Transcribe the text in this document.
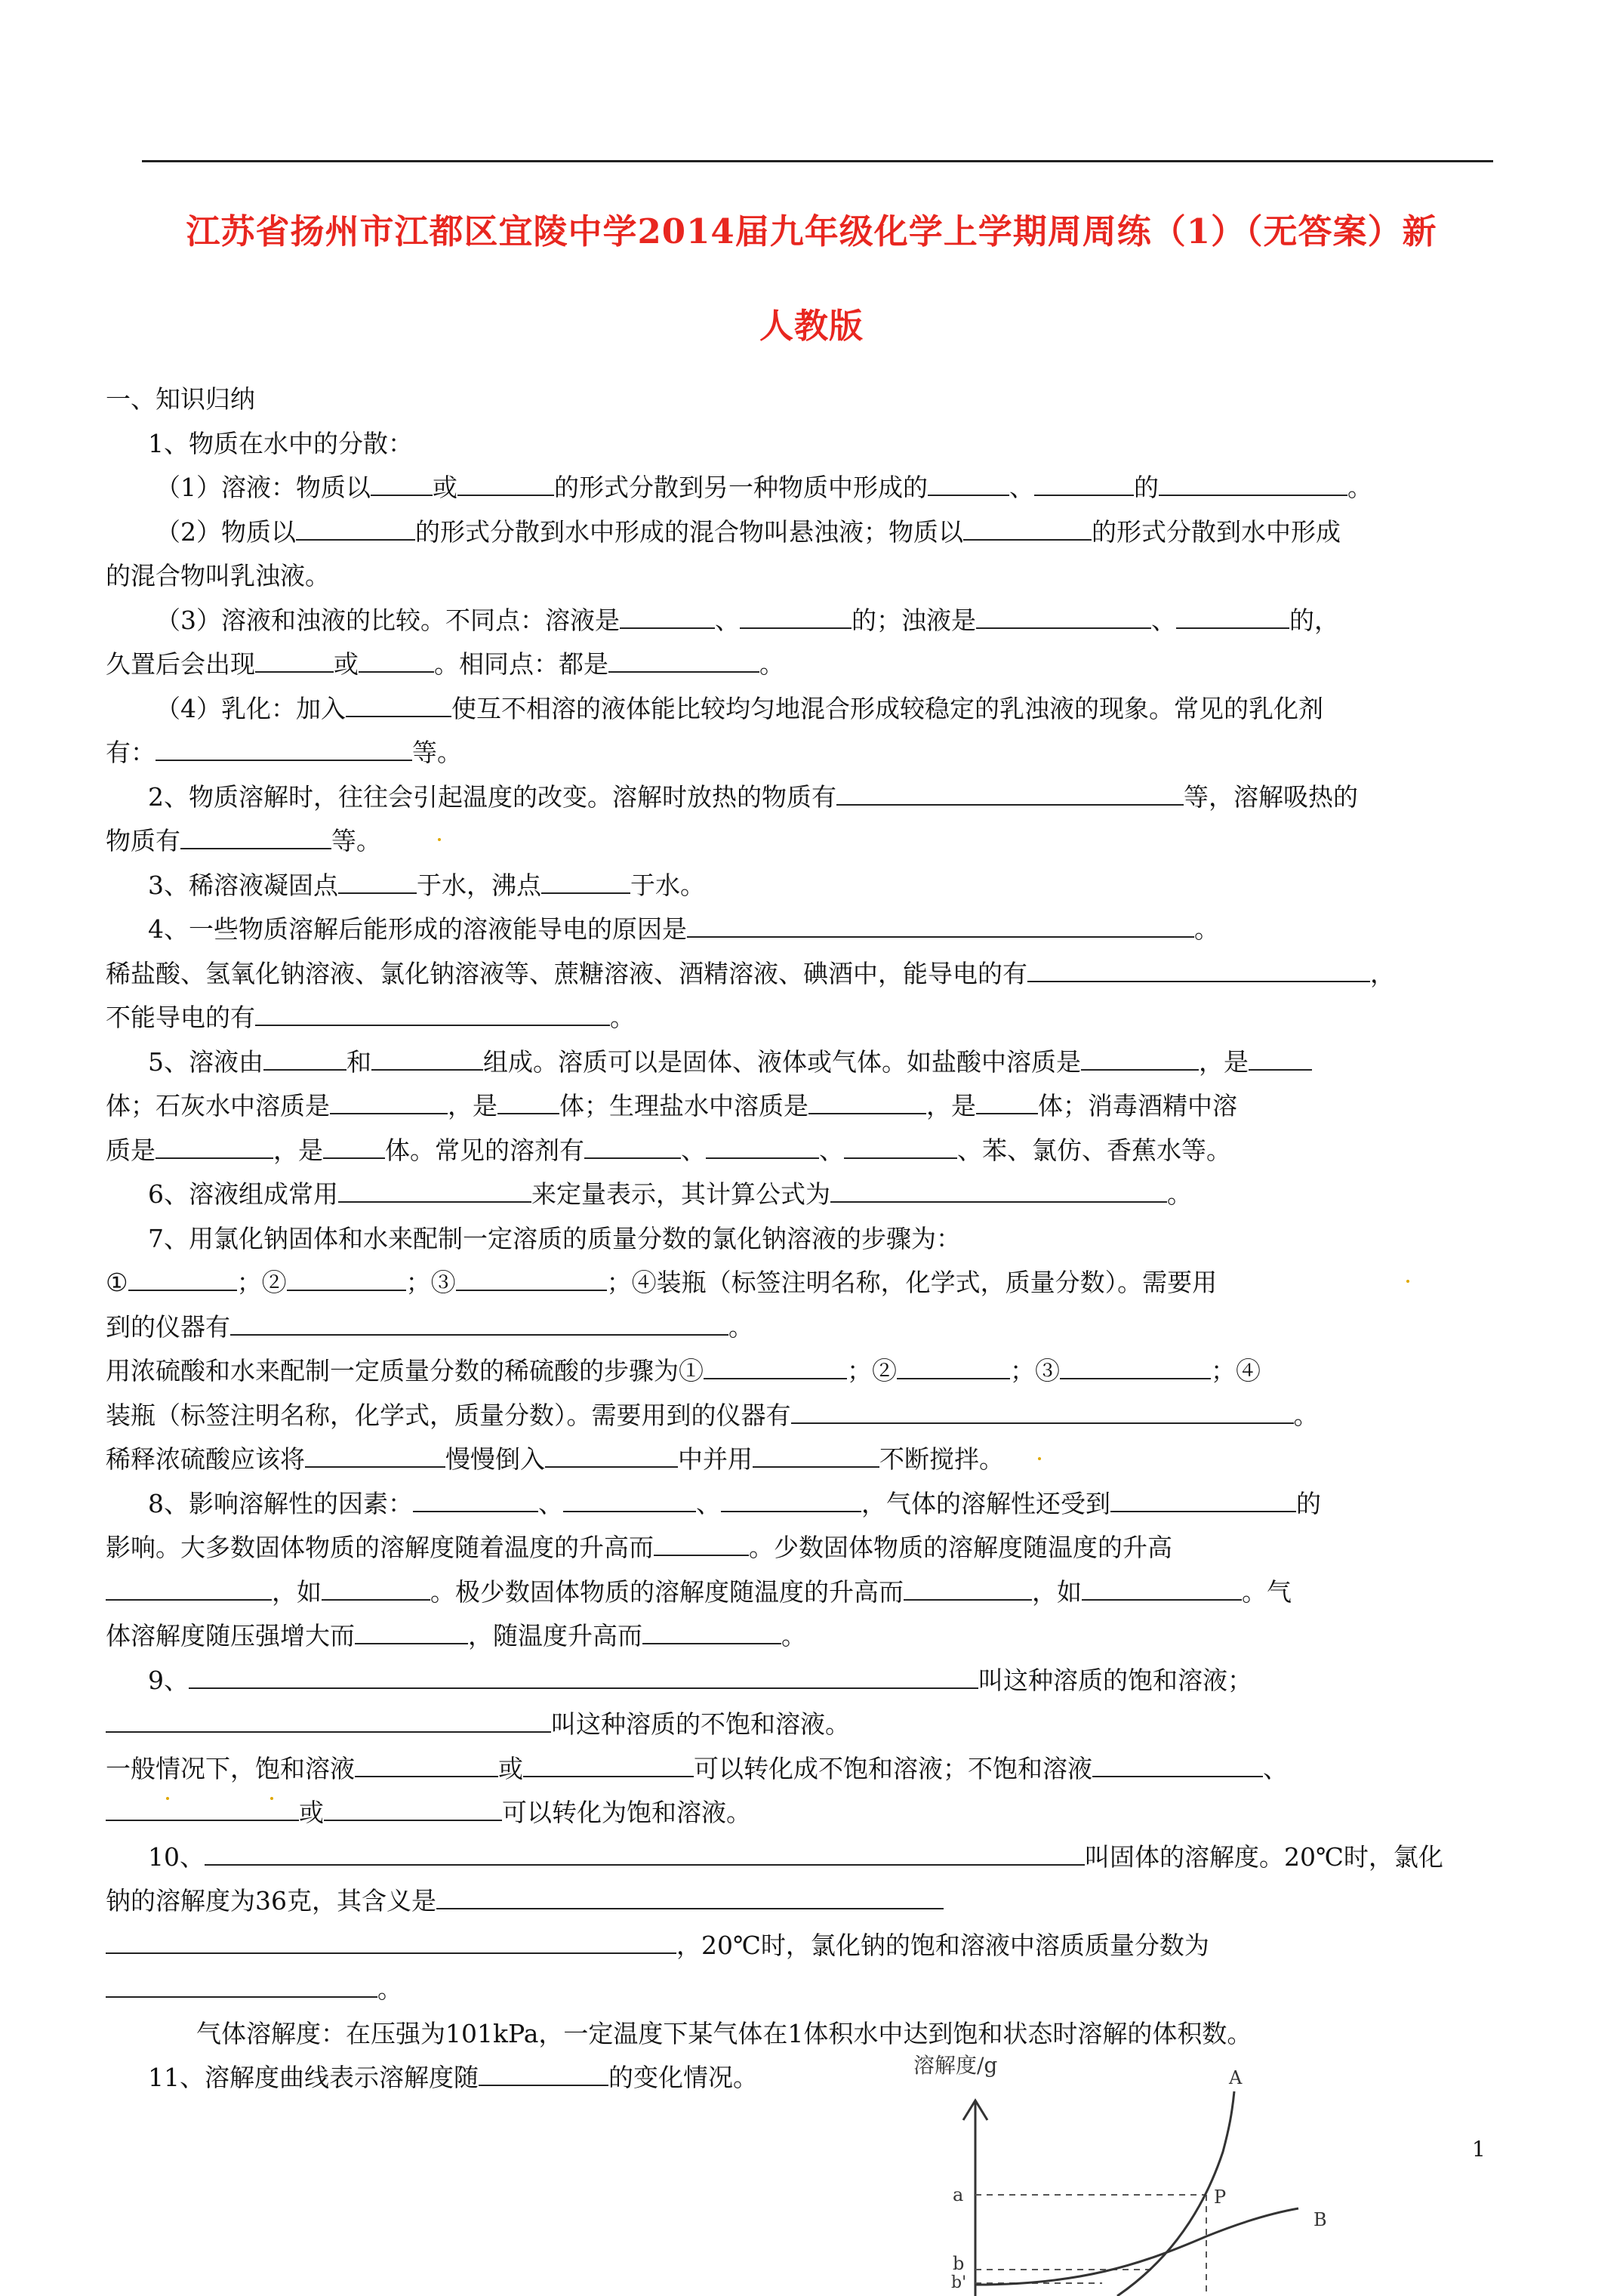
江苏省扬州市江都区宜陵中学2014届九年级化学上学期周周练（1）（无答案）新
人教版
一、知识归纳
1、物质在水中的分散：
（1）溶液：物质以 或	的形式分散到另一种物质中形成的	、	的	。
（2）物质以	的形式分散到水中形成的混合物叫悬浊液；物质以	的形式分散到水中形成
的混合物叫乳浊液。
（3）溶液和浊液的比较。不同点：溶液是	、	的；浊液是	、	的，
久置后会出现	或	。相同点：都是	。
（4）乳化：加入	使互不相溶的液体能比较均匀地混合形成较稳定的乳浊液的现象。常见的乳化剂
有：	等。
2、物质溶解时，往往会引起温度的改变。溶解时放热的物质有	等，溶解吸热的
物质有	等。
3、稀溶液凝固点	于水，沸点	于水。
4、一些物质溶解后能形成的溶液能导电的原因是	。
稀盐酸、氢氧化钠溶液、氯化钠溶液等、蔗糖溶液、酒精溶液、碘酒中，能导电的有	，
不能导电的有	。
5、溶液由	和	组成。溶质可以是固体、液体或气体。如盐酸中溶质是	，是
体；石灰水中溶质是	，是 体；生理盐水中溶质是	，是 体；消毒酒精中溶
质是	，是 体。常见的溶剂有	、	、	、苯、氯仿、香蕉水等。
6、溶液组成常用	来定量表示，其计算公式为	。
7、用氯化钠固体和水来配制一定溶质的质量分数的氯化钠溶液的步骤为：
①	；②	；③	；④装瓶（标签注明名称，化学式，质量分数）。需要用
到的仪器有	。
用浓硫酸和水来配制一定质量分数的稀硫酸的步骤为①	；②	；③	；④
装瓶（标签注明名称，化学式，质量分数）。需要用到的仪器有	。
稀释浓硫酸应该将	慢慢倒入	中并用	不断搅拌。
8、影响溶解性的因素：	、	、	，气体的溶解性还受到	的
影响。大多数固体物质的溶解度随着温度的升高而	。少数固体物质的溶解度随温度的升高
，如	。极少数固体物质的溶解度随温度的升高而	，如	。气
体溶解度随压强增大而	，随温度升高而	。
9、	叫这种溶质的饱和溶液；
叫这种溶质的不饱和溶液。
一般情况下，饱和溶液	或	可以转化成不饱和溶液；不饱和溶液	、
或	可以转化为饱和溶液。
10、	叫固体的溶解度。20℃时，氯化
钠的溶解度为36克，其含义是
，20℃时，氯化钠的饱和溶液中溶质质量分数为
。
气体溶解度：在压强为101kPa，一定温度下某气体在1体积水中达到饱和状态时溶解的体积数。
11、溶解度曲线表示溶解度随	的变化情况。	溶解度/g	A
B
P
a
b
b'
1
